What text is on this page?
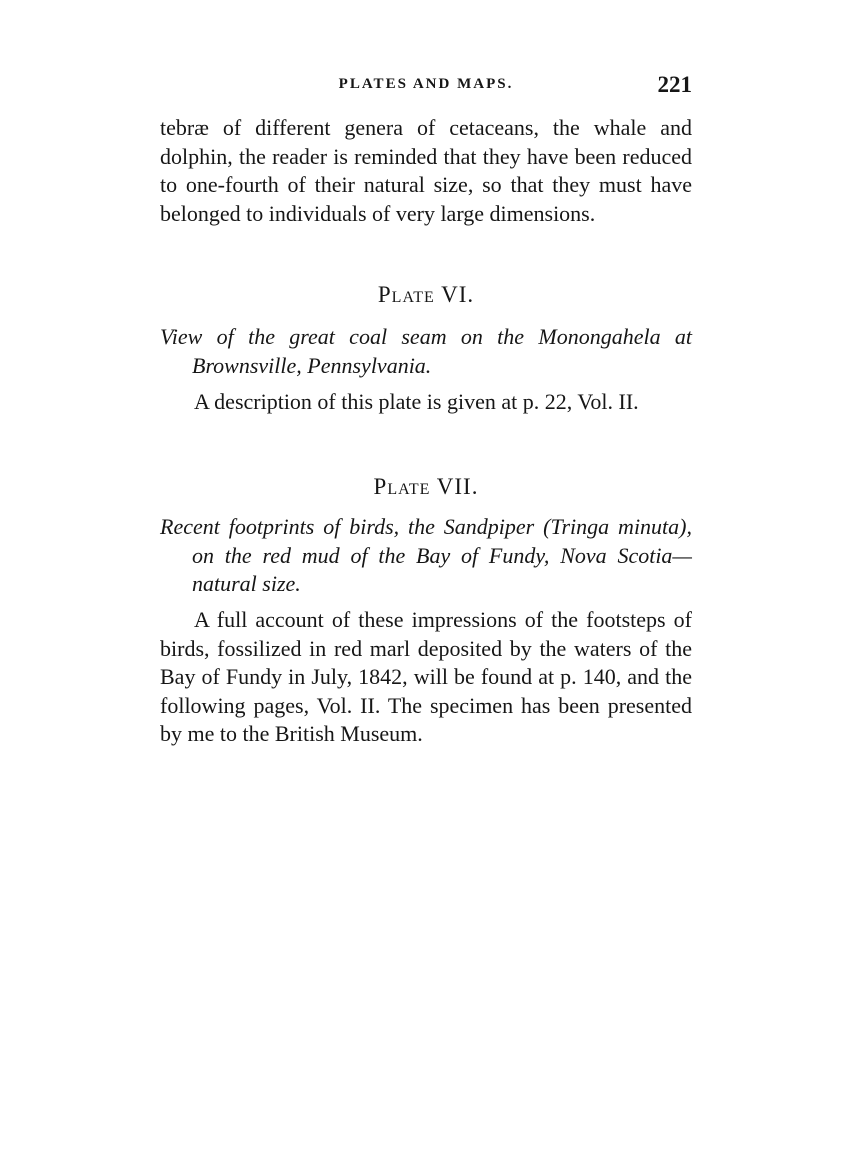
PLATES AND MAPS.	221

tebræ of different genera of cetaceans, the whale and dolphin, the reader is reminded that they have been reduced to one-fourth of their natural size, so that they must have belonged to individuals of very large dimensions.

Plate VI.

View of the great coal seam on the Monongahela at Brownsville, Pennsylvania.

A description of this plate is given at p. 22, Vol. II.

Plate VII.

Recent footprints of birds, the Sandpiper (Tringa minuta), on the red mud of the Bay of Fundy, Nova Scotia—natural size.

A full account of these impressions of the footsteps of birds, fossilized in red marl deposited by the waters of the Bay of Fundy in July, 1842, will be found at p. 140, and the following pages, Vol. II. The specimen has been presented by me to the British Museum.
